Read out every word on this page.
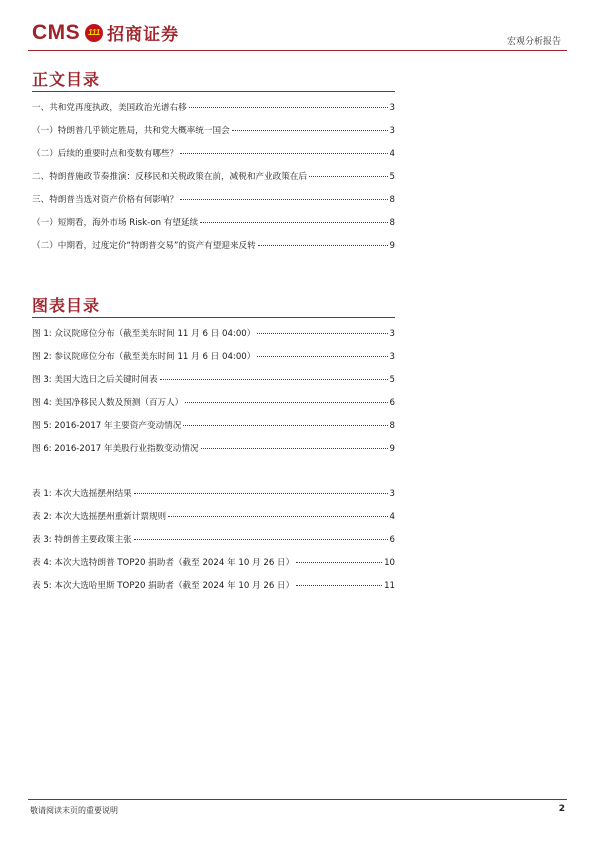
CMS 111 招商证券	宏观分析报告
正文目录
一、共和党再度执政，美国政治光谱右移	3
（一）特朗普几乎锁定胜局，共和党大概率统一国会	3
（二）后续的重要时点和变数有哪些？	4
二、特朗普施政节奏推演：反移民和关税政策在前，减税和产业政策在后	5
三、特朗普当选对资产价格有何影响？	8
（一）短期看，海外市场 Risk-on 有望延续	8
（二）中期看，过度定价“特朗普交易”的资产有望迎来反转	9
图表目录
图 1: 众议院席位分布（截至美东时间 11 月 6 日 04:00）	3
图 2: 参议院席位分布（截至美东时间 11 月 6 日 04:00）	3
图 3: 美国大选日之后关键时间表	5
图 4: 美国净移民人数及预测（百万人）	6
图 5: 2016-2017 年主要资产变动情况	8
图 6: 2016-2017 年美股行业指数变动情况	9
表 1: 本次大选摇摆州结果	3
表 2: 本次大选摇摆州重新计票规则	4
表 3: 特朗普主要政策主张	6
表 4: 本次大选特朗普 TOP20 捐助者（截至 2024 年 10 月 26 日）	10
表 5: 本次大选哈里斯 TOP20 捐助者（截至 2024 年 10 月 26 日）	11
敬请阅读末页的重要说明	2
